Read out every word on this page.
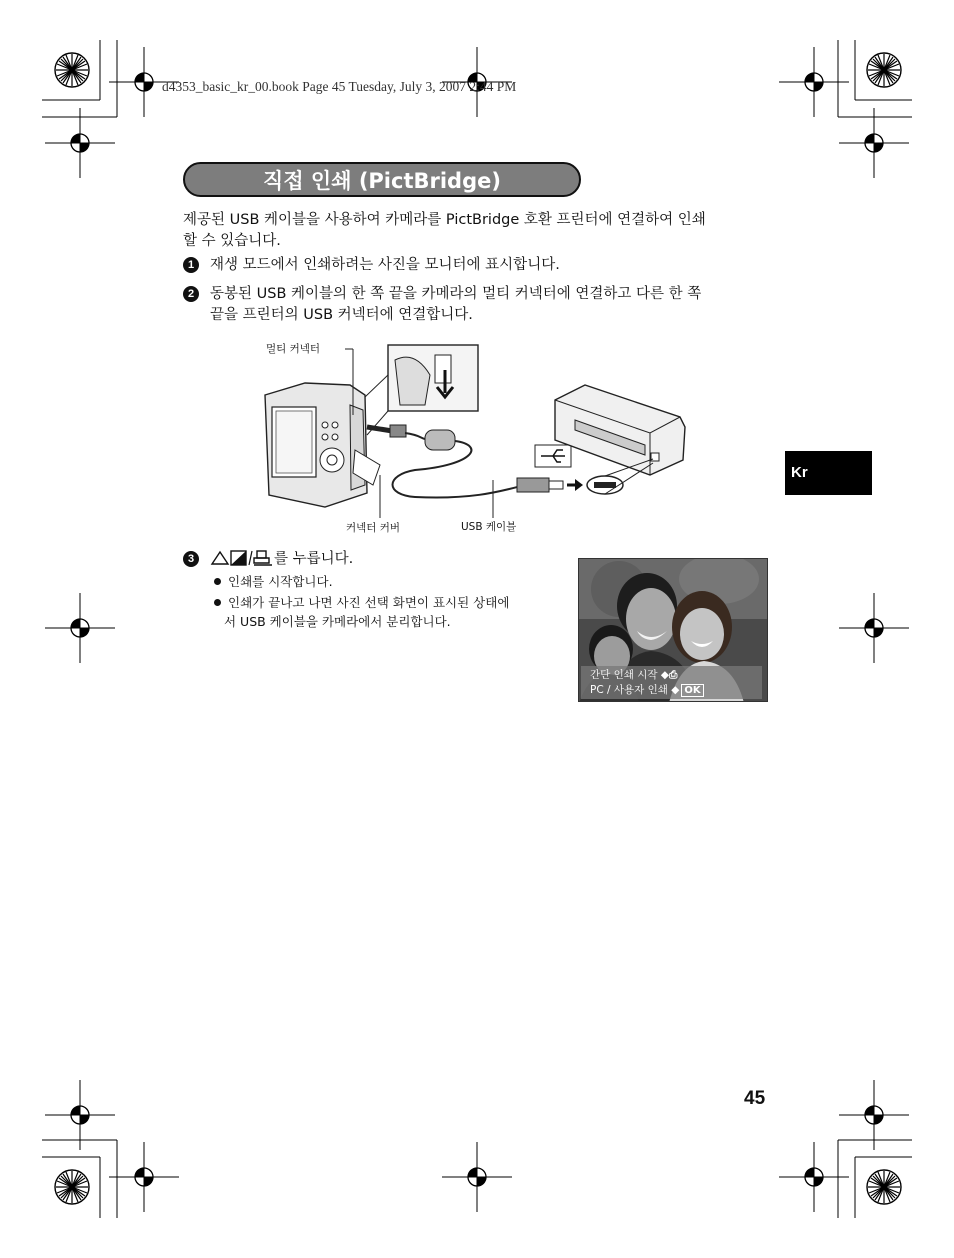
d4353_basic_kr_00.book Page 45 Tuesday, July 3, 2007 2:44 PM
직접 인쇄 (PictBridge)
제공된 USB 케이블을 사용하여 카메라를 PictBridge 호환 프린터에 연결하여 인쇄
할 수 있습니다.
1	재생 모드에서 인쇄하려는 사진을 모니터에 표시합니다.
2	동봉된 USB 케이블의 한 쪽 끝을 카메라의 멀티 커넥터에 연결하고 다른 한 쪽
끝을 프린터의 USB 커넥터에 연결합니다.
멀티 커넥터
커넥터 커버	USB 케이블
3	를 누릅니다.
인쇄를 시작합니다.
인쇄가 끝나고 나면 사진 선택 화면이 표시된 상태에
서 USB 케이블을 카메라에서 분리합니다.
간단 인쇄 시작 ◆⎙
PC / 사용자 인쇄 ◆ OK
Kr
45
